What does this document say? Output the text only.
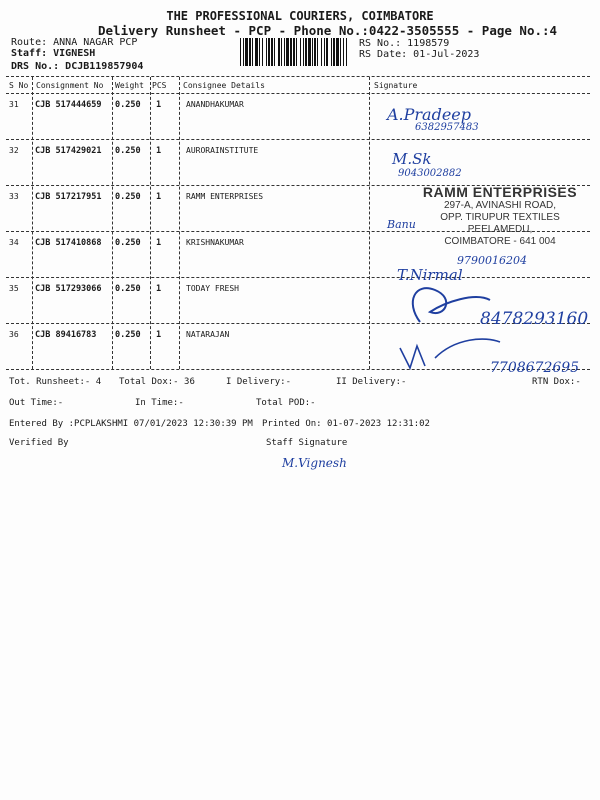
THE PROFESSIONAL COURIERS, COIMBATORE
Delivery Runsheet - PCP - Phone No.:0422-3505555 - Page No.:4
Route: ANNA NAGAR PCP
Staff: VIGNESH
DRS No.: DCJB119857904
RS No.: 1198579
RS Date: 01-Jul-2023
S No Consignment No Weight PCS Consignee Details	Signature
31 CJB 517444659 0.250 1	ANANDHAKUMAR
32 CJB 517429021 0.250 1	AURORAINSTITUTE
33 CJB 517217951 0.250 1	RAMM ENTERPRISES
34 CJB 517410868 0.250 1	KRISHNAKUMAR
35 CJB 517293066 0.250 1	TODAY FRESH
36 CJB 89416783 0.250 1	NATARAJAN
RAMM ENTERPRISES
297-A, AVINASHI ROAD,
OPP. TIRUPUR TEXTILES
PEELAMEDU,
COIMBATORE - 641 004
A.Pradeep
6382957483
M.Sk
9043002882
Banu
9790016204
T.Nirmal
8478293160
7708672695
Tot. Runsheet:- 4 Total Dox:- 36	I Delivery:-	II Delivery:-	RTN Dox:-
Out Time:-	In Time:-	Total POD:-
Entered By :PCPLAKSHMI 07/01/2023 12:30:39 PM Printed On: 01-07-2023 12:31:02
Verified By	Staff Signature
M.Vignesh
